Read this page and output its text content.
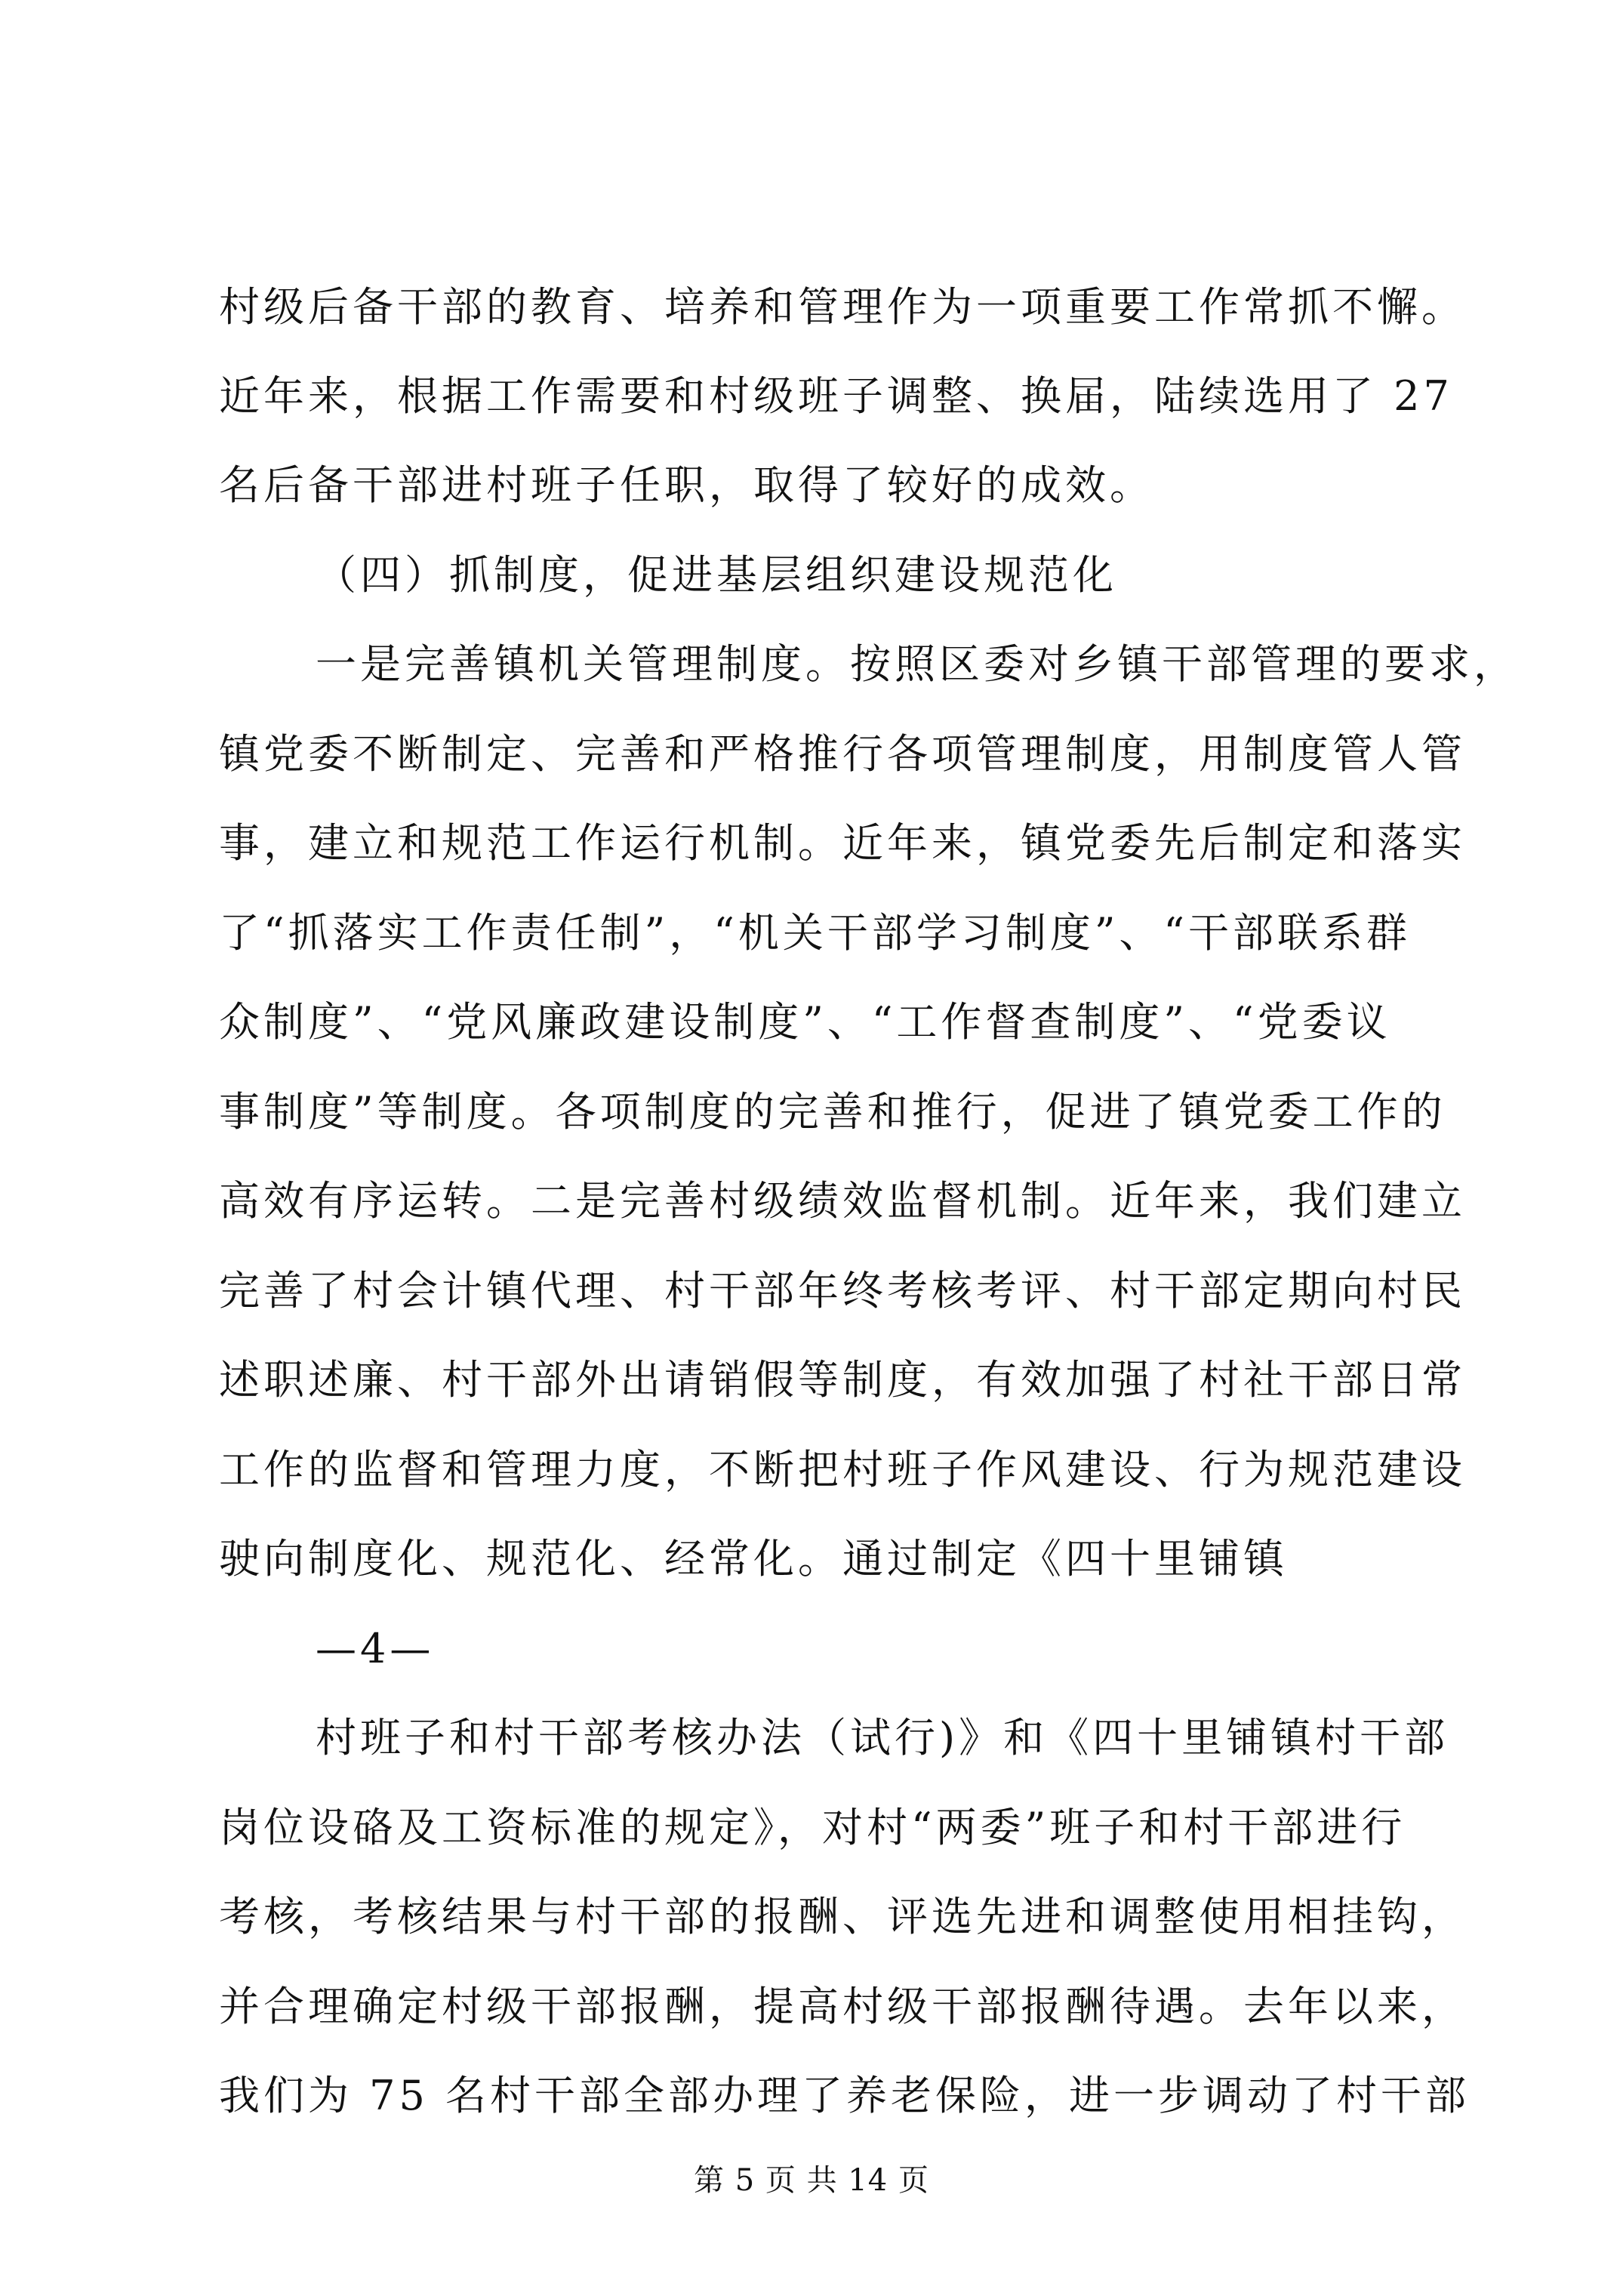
村级后备干部的教育、培养和管理作为一项重要工作常抓不懈。
近年来，根据工作需要和村级班子调整、换届，陆续选用了 27
名后备干部进村班子任职，取得了较好的成效。
（四）抓制度，促进基层组织建设规范化
一是完善镇机关管理制度。按照区委对乡镇干部管理的要求，
镇党委不断制定、完善和严格推行各项管理制度，用制度管人管
事，建立和规范工作运行机制。近年来，镇党委先后制定和落实
了“抓落实工作责任制”，“机关干部学习制度”、“干部联系群
众制度”、“党风廉政建设制度”、“工作督查制度”、“党委议
事制度”等制度。各项制度的完善和推行，促进了镇党委工作的
高效有序运转。二是完善村级绩效监督机制。近年来，我们建立
完善了村会计镇代理、村干部年终考核考评、村干部定期向村民
述职述廉、村干部外出请销假等制度，有效加强了村社干部日常
工作的监督和管理力度，不断把村班子作风建设、行为规范建设
驶向制度化、规范化、经常化。通过制定《四十里铺镇
—4—
村班子和村干部考核办法（试行)》和《四十里铺镇村干部
岗位设硌及工资标准的规定》，对村“两委”班子和村干部进行
考核，考核结果与村干部的报酬、评选先进和调整使用相挂钩，
并合理确定村级干部报酬，提高村级干部报酬待遇。去年以来，
我们为 75 名村干部全部办理了养老保险，进一步调动了村干部
第 5 页 共 14 页
